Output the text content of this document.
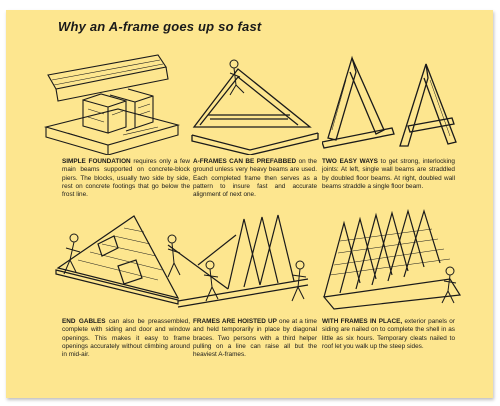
Why an A-frame goes up so fast
SIMPLE FOUNDATION requires only a few main beams supported on concrete-block piers. The blocks, usually two side by side, rest on concrete footings that go below the frost line.
A-FRAMES CAN BE PREFABBED on the ground unless very heavy beams are used. Each completed frame then serves as a pattern to insure fast and accurate alignment of next one.
TWO EASY WAYS to get strong, interlocking joints: At left, single wall beams are straddled by doubled floor beams. At right, doubled wall beams straddle a single floor beam.
END GABLES can also be preassembled, complete with siding and door and window openings. This makes it easy to frame openings accurately without climbing around in mid-air.
FRAMES ARE HOISTED UP one at a time and held temporarily in place by diagonal braces. Two persons with a third helper pulling on a line can raise all but the heaviest A-frames.
WITH FRAMES IN PLACE, exterior panels or siding are nailed on to complete the shell in as little as six hours. Temporary cleats nailed to roof let you walk up the steep sides.
